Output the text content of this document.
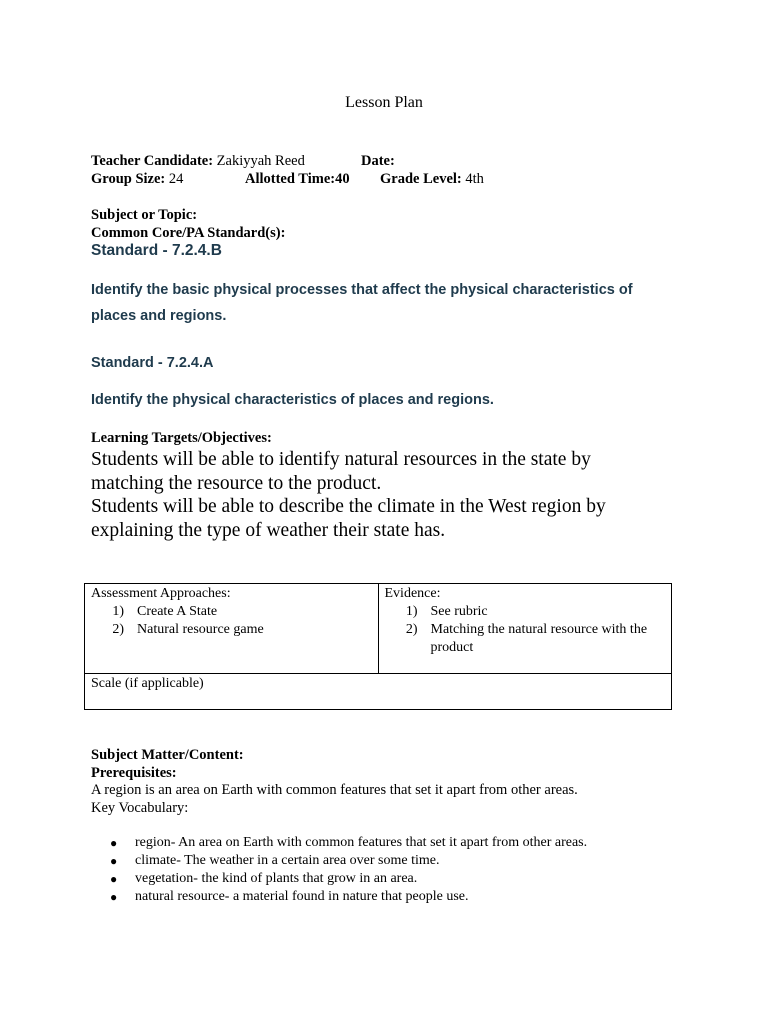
Lesson Plan
Teacher Candidate: Zakiyyah Reed	Date:
Group Size: 24	Allotted Time:40 Grade Level: 4th
Subject or Topic:
Common Core/PA Standard(s):
Standard - 7.2.4.B
Identify the basic physical processes that affect the physical characteristics of
places and regions.
Standard - 7.2.4.A
Identify the physical characteristics of places and regions.
Learning Targets/Objectives:
Students will be able to identify natural resources in the state by
matching the resource to the product.
Students will be able to describe the climate in the West region by
explaining the type of weather their state has.
Assessment Approaches:
1. Create A State
2. Natural resource game

Evidence:
1. See rubric
2. Matching the natural resource with the product

Scale (if applicable)
Subject Matter/Content:
Prerequisites:
A region is an area on Earth with common features that set it apart from other areas.
Key Vocabulary:
● region- An area on Earth with common features that set it apart from other areas.
● climate- The weather in a certain area over some time.
● vegetation- the kind of plants that grow in an area.
● natural resource- a material found in nature that people use.
